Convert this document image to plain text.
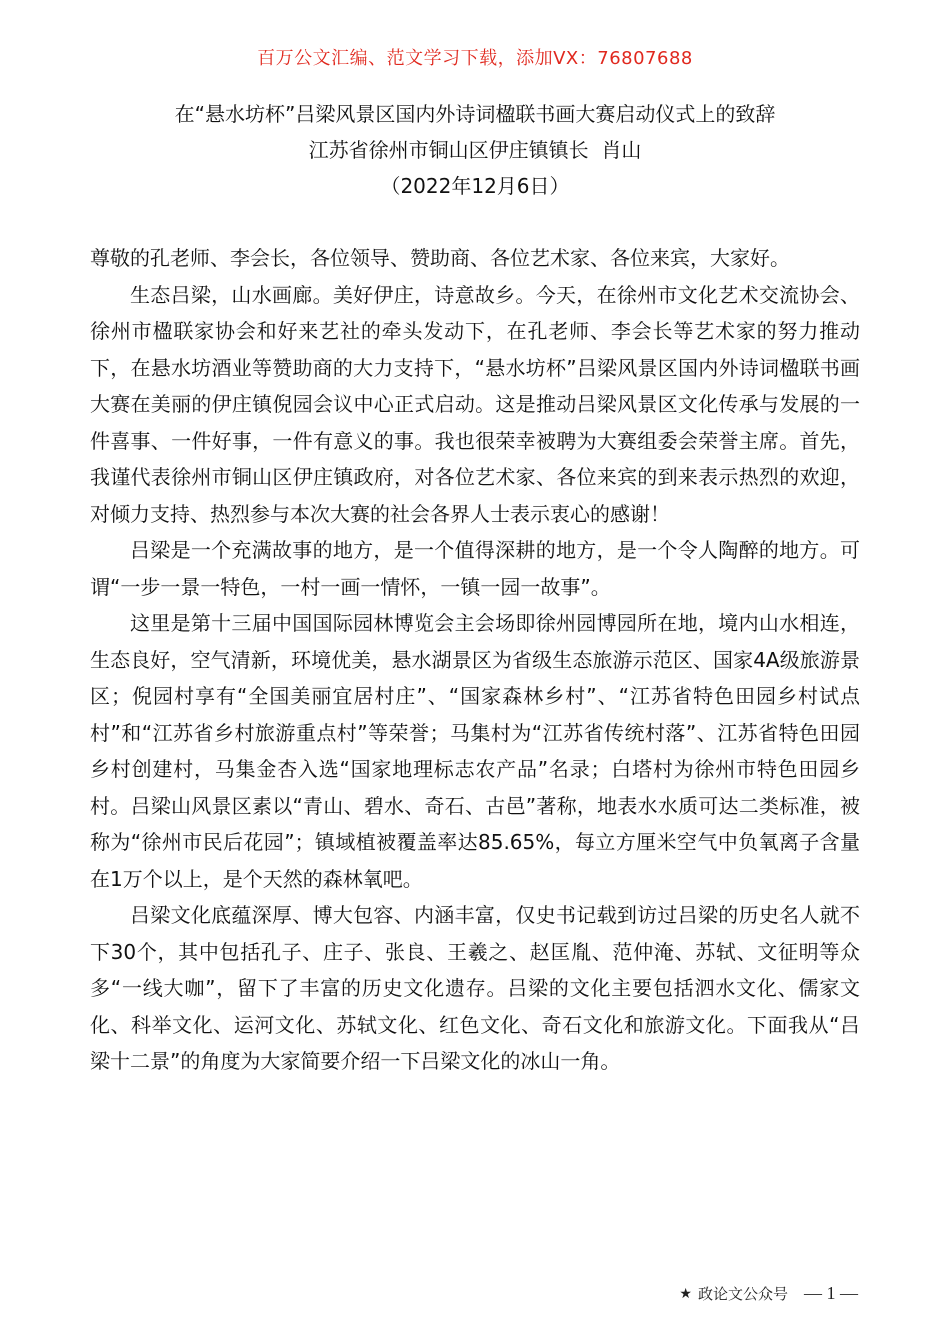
百万公文汇编、范文学习下载，添加VX：76807688

在“悬水坊杯”吕梁风景区国内外诗词楹联书画大赛启动仪式上的致辞

江苏省徐州市铜山区伊庄镇镇长  肖山

（2022年12月6日）

尊敬的孔老师、李会长，各位领导、赞助商、各位艺术家、各位来宾，大家好。

生态吕梁，山水画廊。美好伊庄，诗意故乡。今天，在徐州市文化艺术交流协会、徐州市楹联家协会和好来艺社的牵头发动下，在孔老师、李会长等艺术家的努力推动下，在悬水坊酒业等赞助商的大力支持下，“悬水坊杯”吕梁风景区国内外诗词楹联书画大赛在美丽的伊庄镇倪园会议中心正式启动。这是推动吕梁风景区文化传承与发展的一件喜事、一件好事，一件有意义的事。我也很荣幸被聘为大赛组委会荣誉主席。首先，我谨代表徐州市铜山区伊庄镇政府，对各位艺术家、各位来宾的到来表示热烈的欢迎，对倾力支持、热烈参与本次大赛的社会各界人士表示衷心的感谢！

吕梁是一个充满故事的地方，是一个值得深耕的地方，是一个令人陶醉的地方。可谓“一步一景一特色，一村一画一情怀，一镇一园一故事”。

这里是第十三届中国国际园林博览会主会场即徐州园博园所在地，境内山水相连，生态良好，空气清新，环境优美，悬水湖景区为省级生态旅游示范区、国家4A级旅游景区；倪园村享有“全国美丽宜居村庄”、“国家森林乡村”、“江苏省特色田园乡村试点村”和“江苏省乡村旅游重点村”等荣誉；马集村为“江苏省传统村落”、江苏省特色田园乡村创建村，马集金杏入选“国家地理标志农产品”名录；白塔村为徐州市特色田园乡村。吕梁山风景区素以“青山、碧水、奇石、古邑”著称，地表水水质可达二类标准，被称为“徐州市民后花园”；镇域植被覆盖率达85.65%，每立方厘米空气中负氧离子含量在1万个以上，是个天然的森林氧吧。

吕梁文化底蕴深厚、博大包容、内涵丰富，仅史书记载到访过吕梁的历史名人就不下30个，其中包括孔子、庄子、张良、王羲之、赵匡胤、范仲淹、苏轼、文征明等众多“一线大咖”，留下了丰富的历史文化遗存。吕梁的文化主要包括泗水文化、儒家文化、科举文化、运河文化、苏轼文化、红色文化、奇石文化和旅游文化。下面我从“吕梁十二景”的角度为大家简要介绍一下吕梁文化的冰山一角。

★ 政论文公众号 — 1 —
